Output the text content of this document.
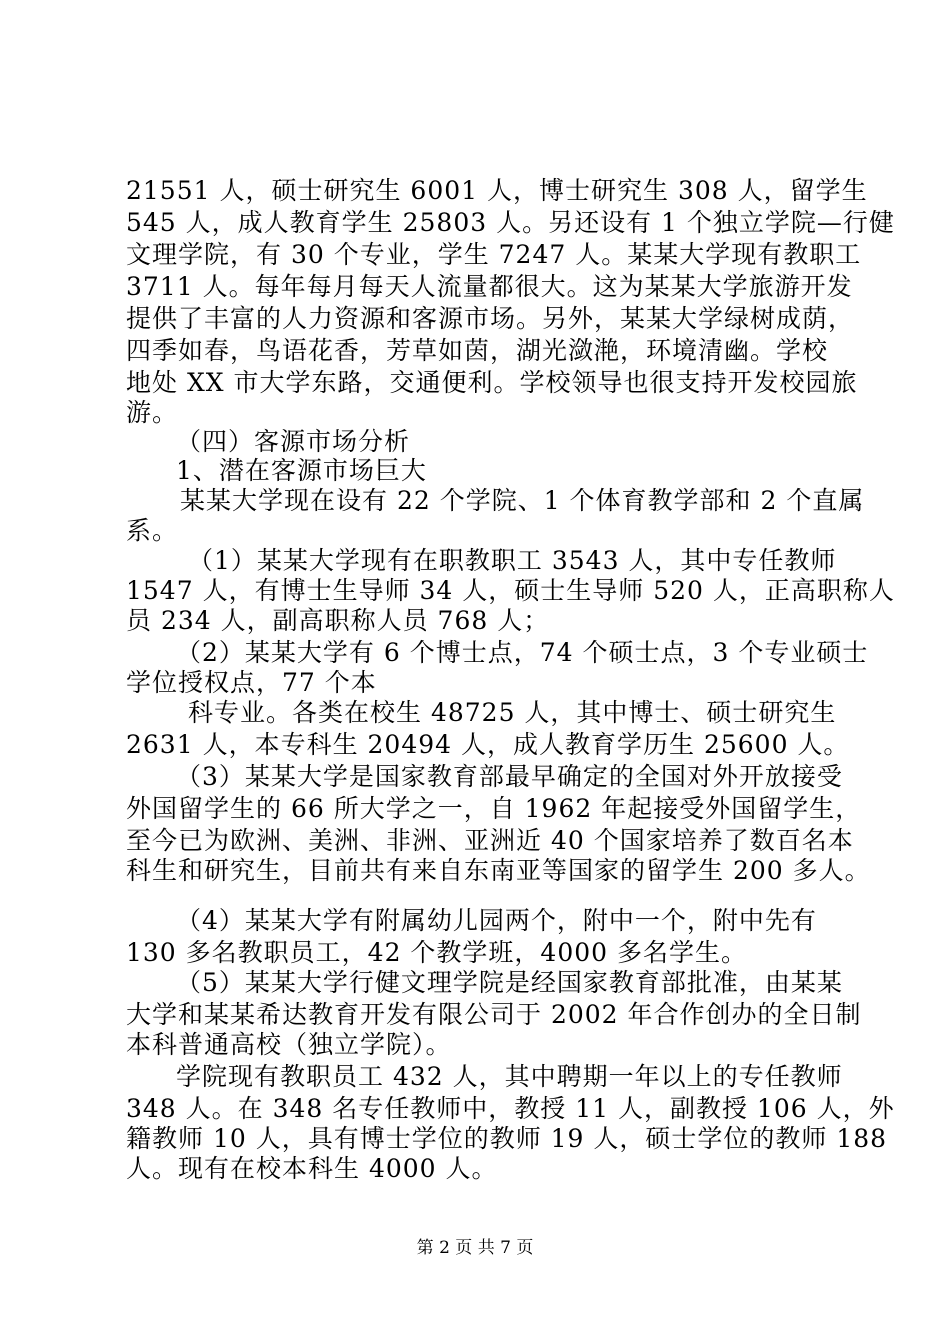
21551 人，硕士研究生 6001 人，博士研究生 308 人，留学生
545 人，成人教育学生 25803 人。另还设有 1 个独立学院—行健
文理学院，有 30 个专业，学生 7247 人。某某大学现有教职工
3711 人。每年每月每天人流量都很大。这为某某大学旅游开发
提供了丰富的人力资源和客源市场。另外，某某大学绿树成荫，
四季如春，鸟语花香，芳草如茵，湖光潋滟，环境清幽。学校
地处 XX 市大学东路，交通便利。学校领导也很支持开发校园旅
游。
（四）客源市场分析
1、潜在客源市场巨大
某某大学现在设有 22 个学院、1 个体育教学部和 2 个直属
系。
（1）某某大学现有在职教职工 3543 人，其中专任教师
1547 人，有博士生导师 34 人，硕士生导师 520 人，正高职称人
员 234 人，副高职称人员 768 人；
（2）某某大学有 6 个博士点，74 个硕士点，3 个专业硕士
学位授权点，77 个本
科专业。各类在校生 48725 人，其中博士、硕士研究生
2631 人，本专科生 20494 人，成人教育学历生 25600 人。
（3）某某大学是国家教育部最早确定的全国对外开放接受
外国留学生的 66 所大学之一，自 1962 年起接受外国留学生，
至今已为欧洲、美洲、非洲、亚洲近 40 个国家培养了数百名本
科生和研究生，目前共有来自东南亚等国家的留学生 200 多人。
（4）某某大学有附属幼儿园两个，附中一个，附中先有
130 多名教职员工，42 个教学班，4000 多名学生。
（5）某某大学行健文理学院是经国家教育部批准，由某某
大学和某某希达教育开发有限公司于 2002 年合作创办的全日制
本科普通高校（独立学院）。
学院现有教职员工 432 人，其中聘期一年以上的专任教师
348 人。在 348 名专任教师中，教授 11 人，副教授 106 人，外
籍教师 10 人，具有博士学位的教师 19 人，硕士学位的教师 188
人。现有在校本科生 4000 人。
第 2 页 共 7 页
